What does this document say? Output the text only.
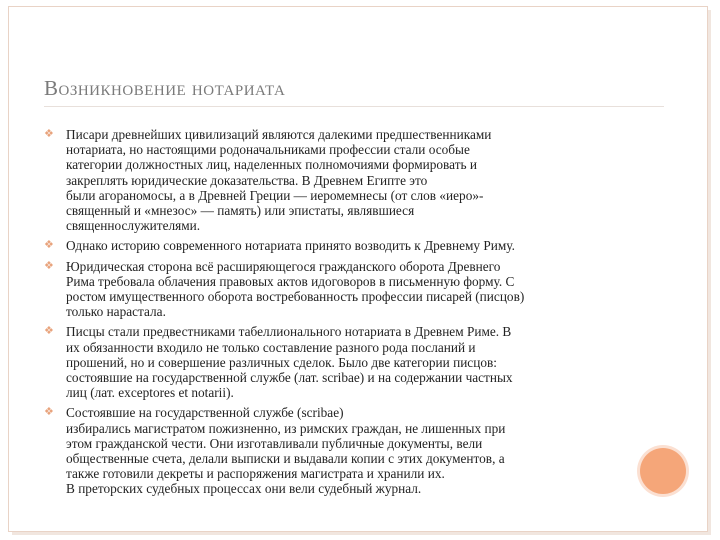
Возникновение нотариата
❖ Писари древнейших цивилизаций являются далекими предшественниками
нотариата, но настоящими родоначальниками профессии стали особые
категории должностных лиц, наделенных полномочиями формировать и
закреплять юридические доказательства. В Древнем Египте это
были агораномосы, а в Древней Греции — иеромемнесы (от слов «иеро»-
священный и «мнезос» — память) или эпистаты, являвшиеся
священнослужителями.

❖ Однако историю современного нотариата принято возводить к Древнему Риму.

❖ Юридическая сторона всё расширяющегося гражданского оборота Древнего
Рима требовала облачения правовых актов идоговоров в письменную форму. С
ростом имущественного оборота востребованность профессии писарей (писцов)
только нарастала.

❖ Писцы стали предвестниками табеллионального нотариата в Древнем Риме. В
их обязанности входило не только составление разного рода посланий и
прошений, но и совершение различных сделок. Было две категории писцов:
состоявшие на государственной службе (лат. scribae) и на содержании частных
лиц (лат. exceptores et notarii).

❖ Состоявшие на государственной службе (scribae)
избирались магистратом пожизненно, из римских граждан, не лишенных при
этом гражданской чести. Они изготавливали публичные документы, вели
общественные счета, делали выписки и выдавали копии с этих документов, а
также готовили декреты и распоряжения магистрата и хранили их.
В преторских судебных процессах они вели судебный журнал.
